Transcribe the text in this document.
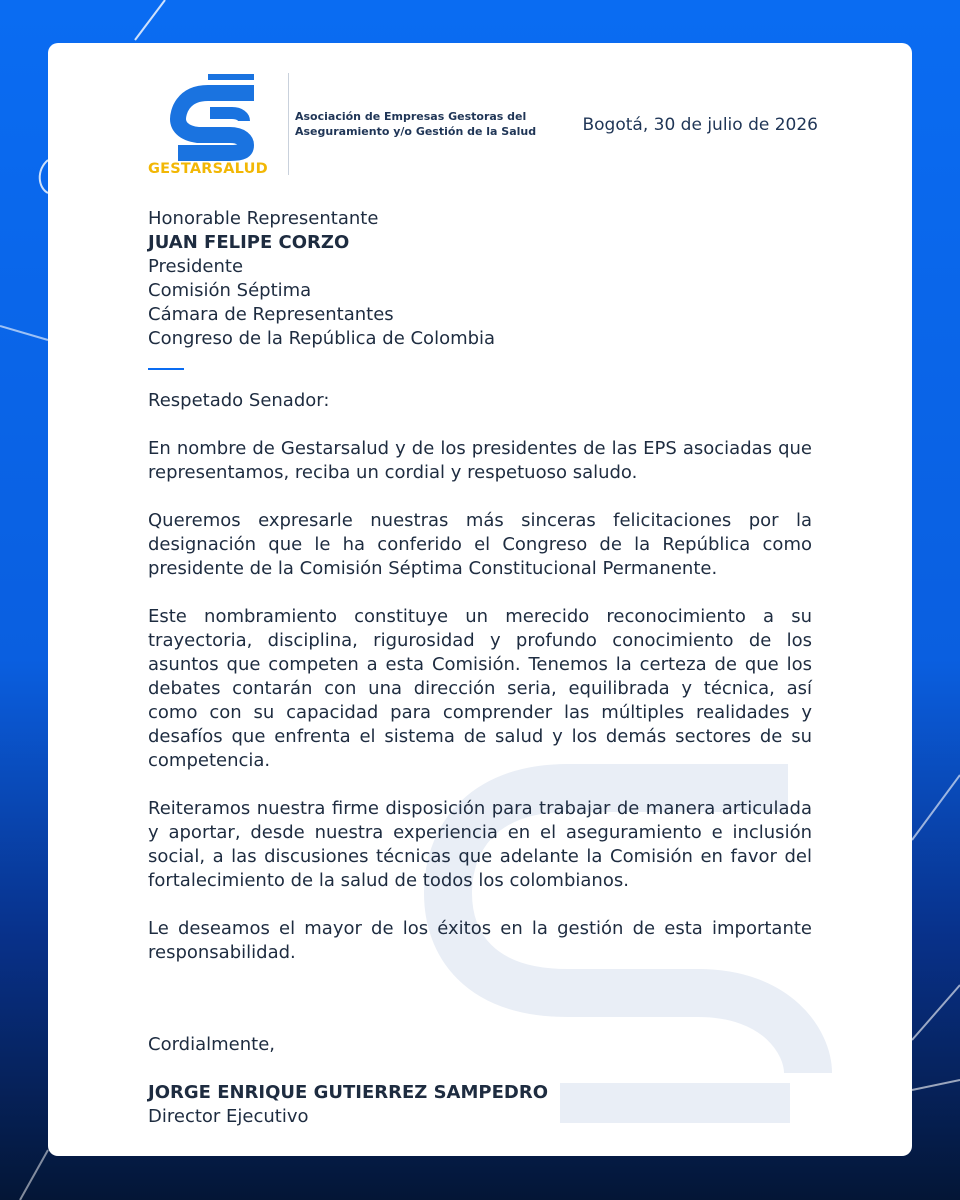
GESTARSALUD
Asociación de Empresas Gestoras del Aseguramiento y/o Gestión de la Salud	Bogotá, 30 de julio de 2026
Honorable Representante
JUAN FELIPE CORZO
Presidente
Comisión Séptima
Cámara de Representantes
Congreso de la República de Colombia

Respetado Senador:

En nombre de Gestarsalud y de los presidentes de las EPS asociadas que representamos, reciba un cordial y respetuoso saludo.

Queremos expresarle nuestras más sinceras felicitaciones por la designación que le ha conferido el Congreso de la República como presidente de la Comisión Séptima Constitucional Permanente.

Este nombramiento constituye un merecido reconocimiento a su trayectoria, disciplina, rigurosidad y profundo conocimiento de los asuntos que competen a esta Comisión. Tenemos la certeza de que los debates contarán con una dirección seria, equilibrada y técnica, así como con su capacidad para comprender las múltiples realidades y desafíos que enfrenta el sistema de salud y los demás sectores de su competencia.

Reiteramos nuestra firme disposición para trabajar de manera articulada y aportar, desde nuestra experiencia en el aseguramiento e inclusión social, a las discusiones técnicas que adelante la Comisión en favor del fortalecimiento de la salud de todos los colombianos.

Le deseamos el mayor de los éxitos en la gestión de esta importante responsabilidad.

Cordialmente,
JORGE ENRIQUE GUTIERREZ SAMPEDRO
Director Ejecutivo
